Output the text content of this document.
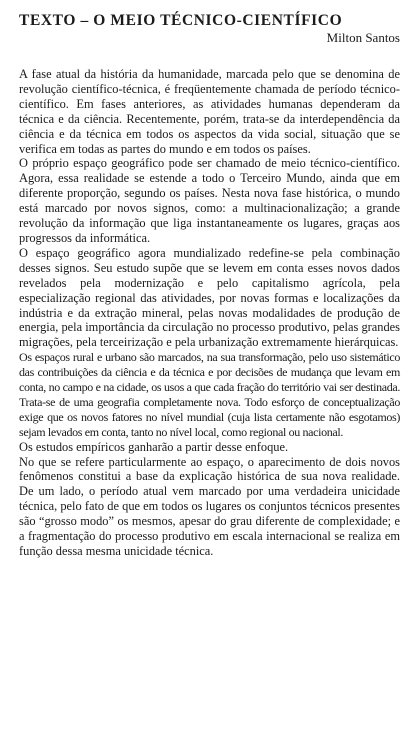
TEXTO – O MEIO TÉCNICO-CIENTÍFICO

Milton Santos

A fase atual da história da humanidade, marcada pelo que se denomina de revolução científico-técnica, é freqüentemente chamada de período técnico-científico. Em fases anteriores, as atividades humanas dependeram da técnica e da ciência. Recentemente, porém, trata-se da interdependência da ciência e da técnica em todos os aspectos da vida social, situação que se verifica em todas as partes do mundo e em todos os países.

O próprio espaço geográfico pode ser chamado de meio técnico-científico. Agora, essa realidade se estende a todo o Terceiro Mundo, ainda que em diferente proporção, segundo os países. Nesta nova fase histórica, o mundo está marcado por novos signos, como: a multinacionalização; a grande revolução da informação que liga instantaneamente os lugares, graças aos progressos da informática.

O espaço geográfico agora mundializado redefine-se pela combinação desses signos. Seu estudo supõe que se levem em conta esses novos dados revelados pela modernização e pelo capitalismo agrícola, pela especialização regional das atividades, por novas formas e localizações da indústria e da extração mineral, pelas novas modalidades de produção de energia, pela importância da circulação no processo produtivo, pelas grandes migrações, pela terceirização e pela urbanização extremamente hierárquicas.

Os espaços rural e urbano são marcados, na sua transformação, pelo uso sistemático das contribuições da ciência e da técnica e por decisões de mudança que levam em conta, no campo e na cidade, os usos a que cada fração do território vai ser destinada. Trata-se de uma geografia completamente nova. Todo esforço de conceptualização exige que os novos fatores no nível mundial (cuja lista certamente não esgotamos) sejam levados em conta, tanto no nível local, como regional ou nacional.

Os estudos empíricos ganharão a partir desse enfoque.

No que se refere particularmente ao espaço, o aparecimento de dois novos fenômenos constitui a base da explicação histórica de sua nova realidade. De um lado, o período atual vem marcado por uma verdadeira unicidade técnica, pelo fato de que em todos os lugares os conjuntos técnicos presentes são “grosso modo” os mesmos, apesar do grau diferente de complexidade; e a fragmentação do processo produtivo em escala internacional se realiza em função dessa mesma unicidade técnica.
